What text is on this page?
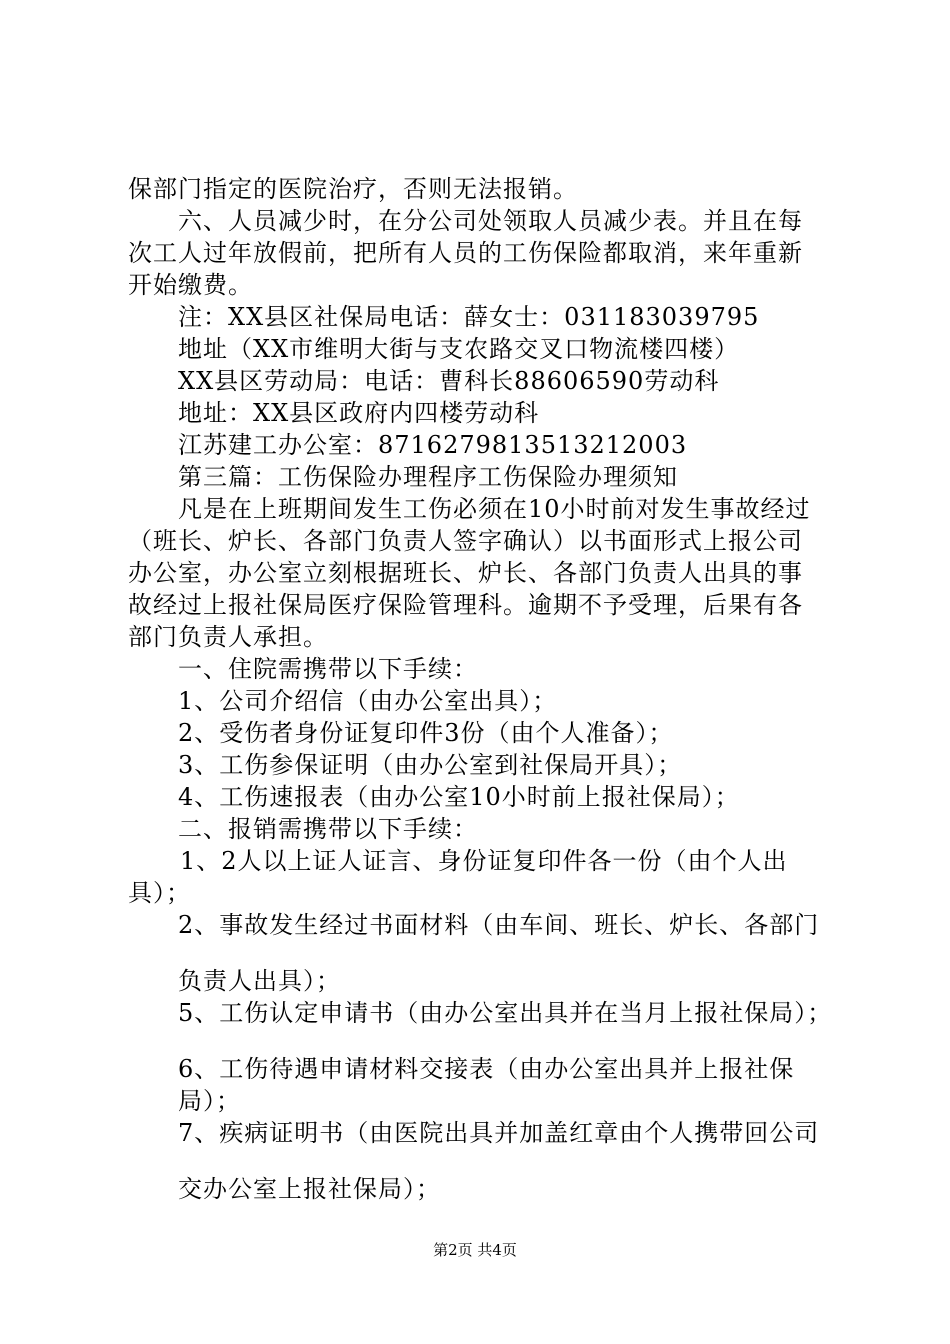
保部门指定的医院治疗，否则无法报销。
六、人员减少时，在分公司处领取人员减少表。并且在每
次工人过年放假前，把所有人员的工伤保险都取消，来年重新
开始缴费。
注：XX县区社保局电话：薛女士：031183039795
地址（XX市维明大街与支农路交叉口物流楼四楼）
XX县区劳动局：电话：曹科长88606590劳动科
地址：XX县区政府内四楼劳动科
江苏建工办公室：8716279813513212003
第三篇：工伤保险办理程序工伤保险办理须知
凡是在上班期间发生工伤必须在10小时前对发生事故经过
（班长、炉长、各部门负责人签字确认）以书面形式上报公司
办公室，办公室立刻根据班长、炉长、各部门负责人出具的事
故经过上报社保局医疗保险管理科。逾期不予受理，后果有各
部门负责人承担。
一、住院需携带以下手续：
1、公司介绍信（由办公室出具）；
2、受伤者身份证复印件3份（由个人准备）；
3、工伤参保证明（由办公室到社保局开具）；
4、工伤速报表（由办公室10小时前上报社保局）；
二、报销需携带以下手续：
1、2人以上证人证言、身份证复印件各一份（由个人出
具）；
2、事故发生经过书面材料（由车间、班长、炉长、各部门
负责人出具）；
5、工伤认定申请书（由办公室出具并在当月上报社保局）；
6、工伤待遇申请材料交接表（由办公室出具并上报社保
局）；
7、疾病证明书（由医院出具并加盖红章由个人携带回公司
交办公室上报社保局）；
第2页 共4页
